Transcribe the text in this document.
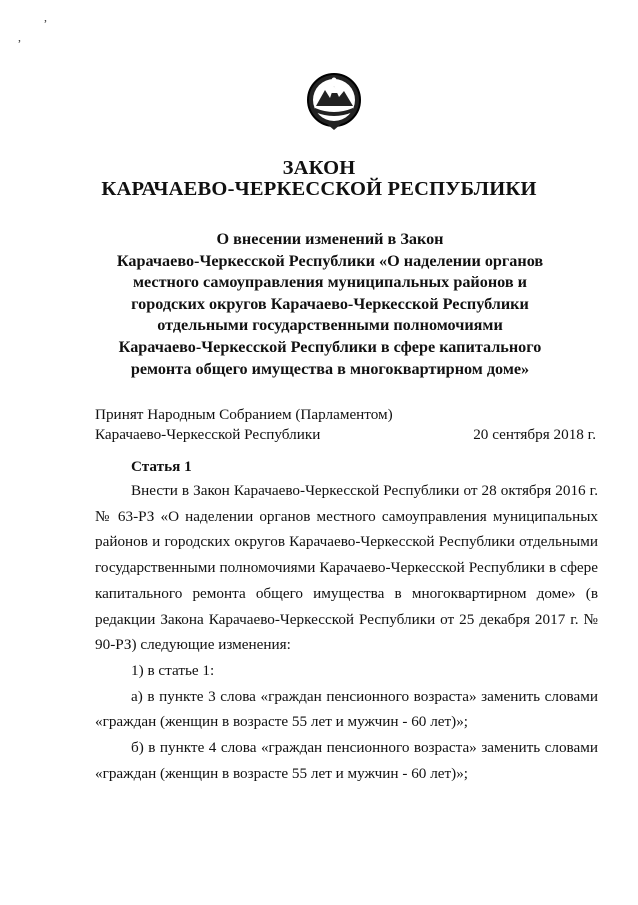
,
,
ЗАКОН
КАРАЧАЕВО-ЧЕРКЕССКОЙ РЕСПУБЛИКИ
О внесении изменений в Закон
Карачаево-Черкесской Республики «О наделении органов
местного самоуправления муниципальных районов и
городских округов Карачаево-Черкесской Республики
отдельными государственными полномочиями
Карачаево-Черкесской Республики в сфере капитального
ремонта общего имущества в многоквартирном доме»
Принят Народным Собранием (Парламентом)
Карачаево-Черкесской Республики	20 сентября 2018 г.
Статья 1

Внести в Закон Карачаево-Черкесской Республики от 28 октября 2016 г. № 63-РЗ «О наделении органов местного самоуправления муниципальных районов и городских округов Карачаево-Черкесской Республики отдельными государственными полномочиями Карачаево-Черкесской Республики в сфере капитального ремонта общего имущества в многоквартирном доме» (в редакции Закона Карачаево-Черкесской Республики от 25 декабря 2017 г. № 90-РЗ) следующие изменения:

1) в статье 1:

а) в пункте 3 слова «граждан пенсионного возраста» заменить словами «граждан (женщин в возрасте 55 лет и мужчин - 60 лет)»;

б) в пункте 4 слова «граждан пенсионного возраста» заменить словами «граждан (женщин в возрасте 55 лет и мужчин - 60 лет)»;
